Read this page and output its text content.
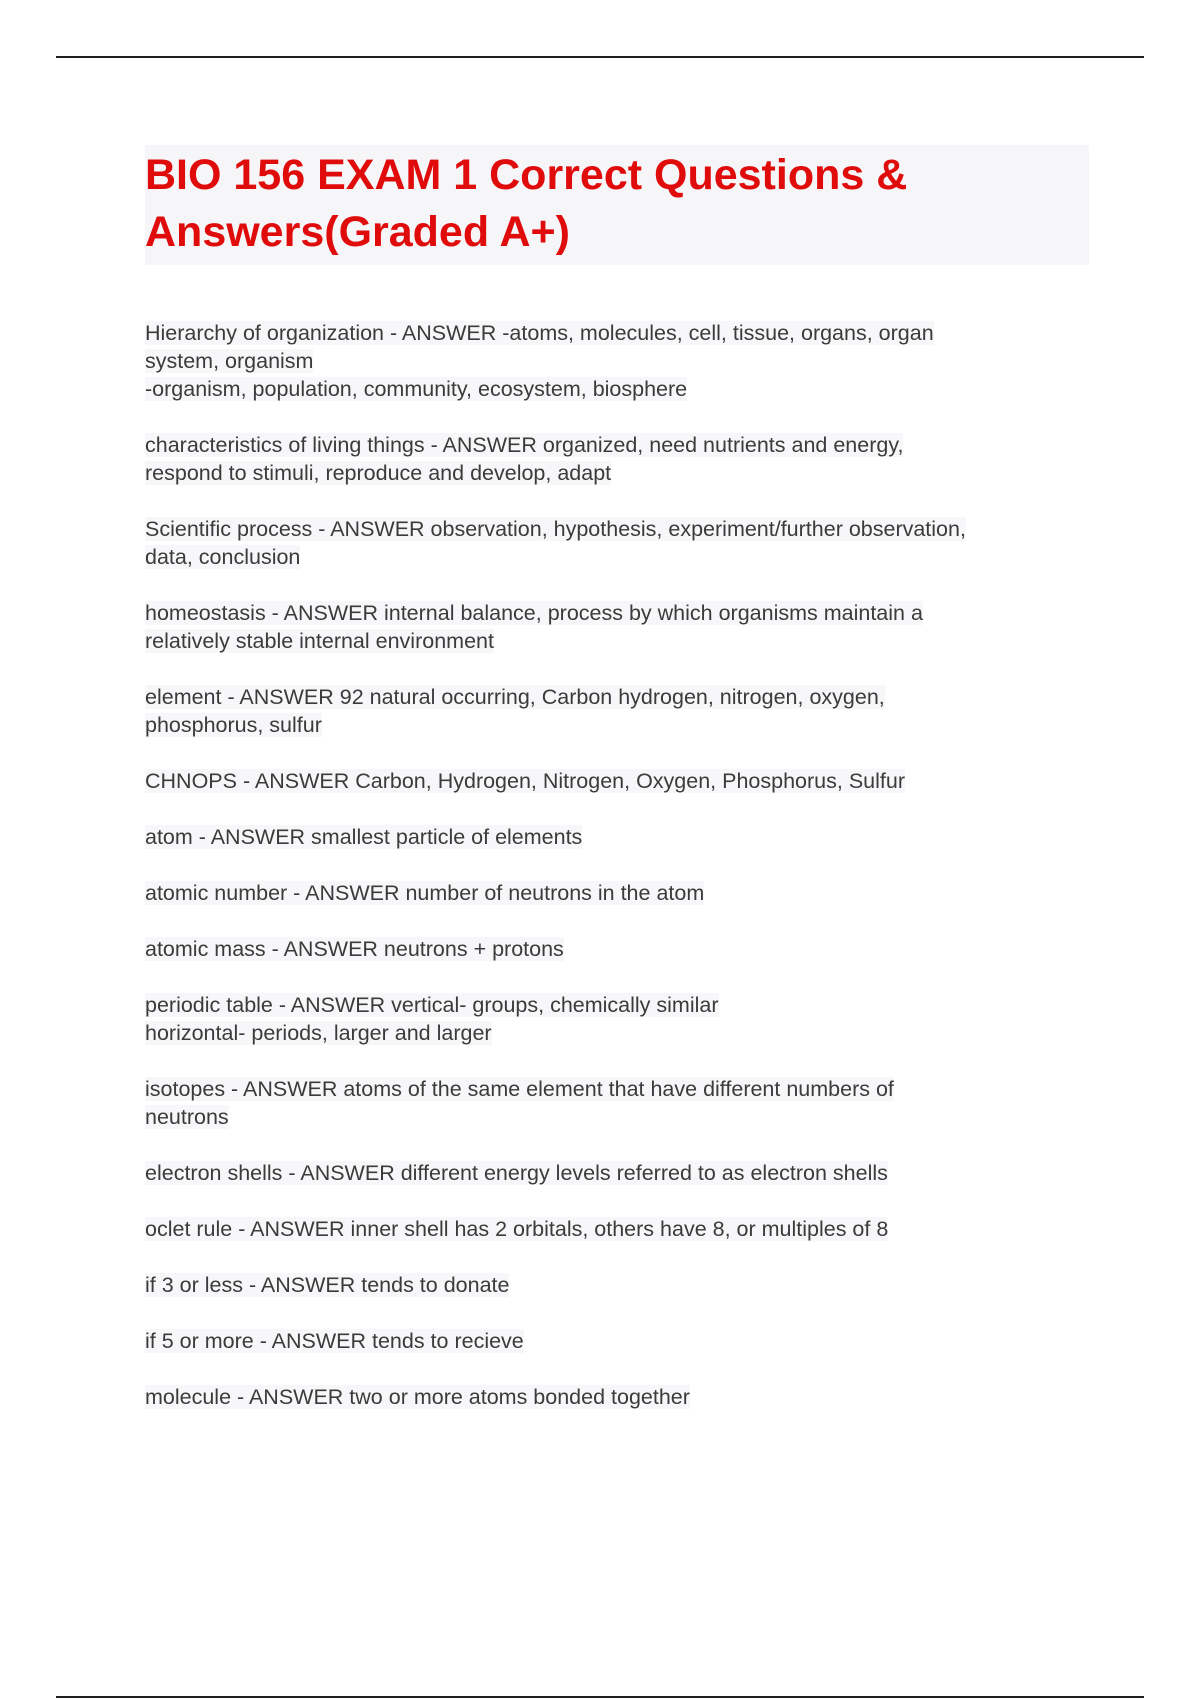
BIO 156 EXAM 1 Correct Questions & Answers(Graded A+)
Hierarchy of organization - ANSWER -atoms, molecules, cell, tissue, organs, organ
system, organism
-organism, population, community, ecosystem, biosphere
characteristics of living things - ANSWER organized, need nutrients and energy,
respond to stimuli, reproduce and develop, adapt
Scientific process - ANSWER observation, hypothesis, experiment/further observation,
data, conclusion
homeostasis - ANSWER internal balance, process by which organisms maintain a
relatively stable internal environment
element - ANSWER 92 natural occurring, Carbon hydrogen, nitrogen, oxygen,
phosphorus, sulfur
CHNOPS - ANSWER Carbon, Hydrogen, Nitrogen, Oxygen, Phosphorus, Sulfur
atom - ANSWER smallest particle of elements
atomic number - ANSWER number of neutrons in the atom
atomic mass - ANSWER neutrons + protons
periodic table - ANSWER vertical- groups, chemically similar
horizontal- periods, larger and larger
isotopes - ANSWER atoms of the same element that have different numbers of
neutrons
electron shells - ANSWER different energy levels referred to as electron shells
oclet rule - ANSWER inner shell has 2 orbitals, others have 8, or multiples of 8
if 3 or less - ANSWER tends to donate
if 5 or more - ANSWER tends to recieve
molecule - ANSWER two or more atoms bonded together
